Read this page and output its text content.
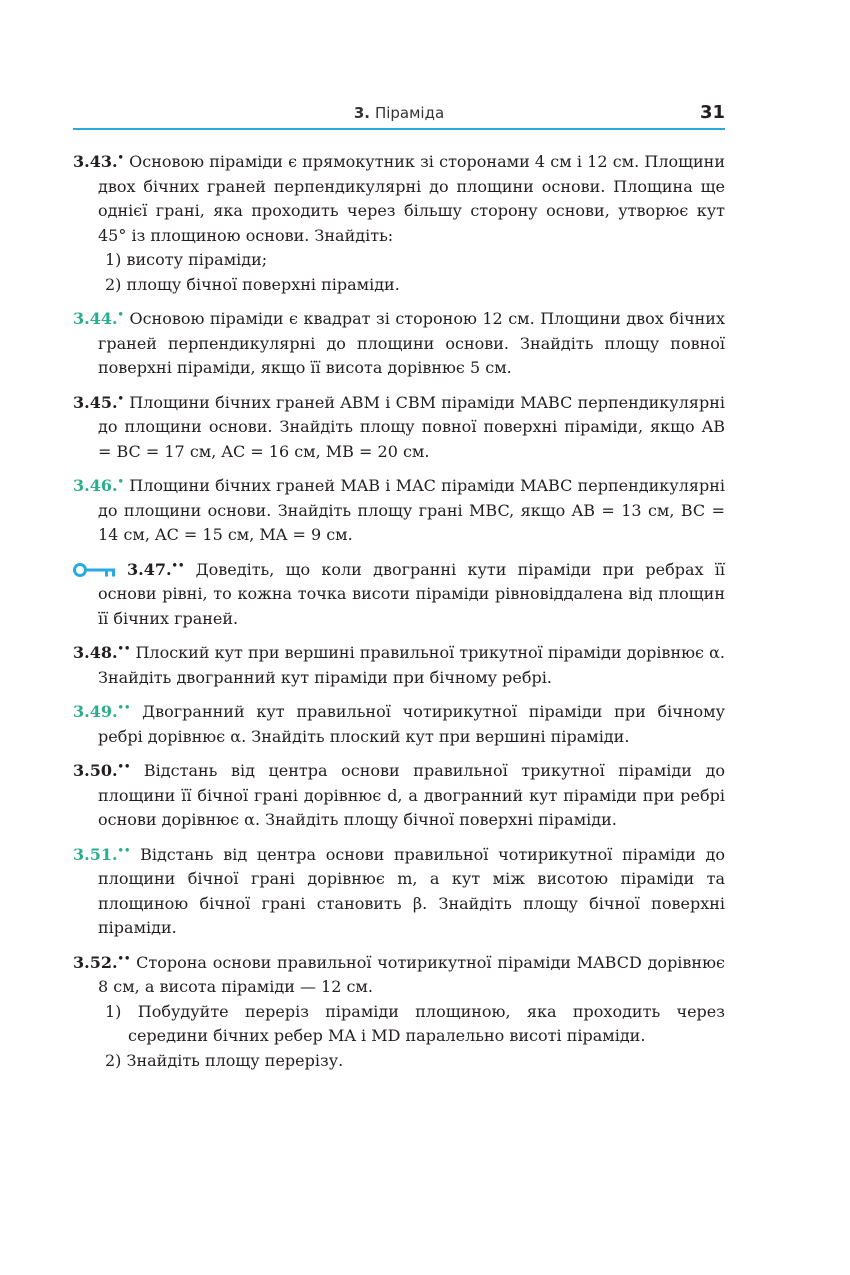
3. Піраміда	31
3.43.• Основою піраміди є прямокутник зі сторонами 4 см і 12 см. Площини двох бічних граней перпендикулярні до площини основи. Площина ще однієї грані, яка проходить через більшу сторону основи, утворює кут 45° із площиною основи. Знайдіть:
1) висоту піраміди;
2) площу бічної поверхні піраміди.
3.44.• Основою піраміди є квадрат зі стороною 12 см. Площини двох бічних граней перпендикулярні до площини основи. Знайдіть площу повної поверхні піраміди, якщо її висота дорівнює 5 см.
3.45.• Площини бічних граней ABM і CBM піраміди MABC перпендикулярні до площини основи. Знайдіть площу повної поверхні піраміди, якщо AB = BC = 17 см, AC = 16 см, MB = 20 см.
3.46.• Площини бічних граней MAB і MAC піраміди MABC перпендикулярні до площини основи. Знайдіть площу грані MBC, якщо AB = 13 см, BC = 14 см, AC = 15 см, MA = 9 см.
3.47.•• Доведіть, що коли двогранні кути піраміди при ребрах її основи рівні, то кожна точка висоти піраміди рівновіддалена від площин її бічних граней.
3.48.•• Плоский кут при вершині правильної трикутної піраміди дорівнює α. Знайдіть двогранний кут піраміди при бічному ребрі.
3.49.•• Двогранний кут правильної чотирикутної піраміди при бічному ребрі дорівнює α. Знайдіть плоский кут при вершині піраміди.
3.50.•• Відстань від центра основи правильної трикутної піраміди до площини її бічної грані дорівнює d, а двогранний кут піраміди при ребрі основи дорівнює α. Знайдіть площу бічної поверхні піраміди.
3.51.•• Відстань від центра основи правильної чотирикутної піраміди до площини бічної грані дорівнює m, а кут між висотою піраміди та площиною бічної грані становить β. Знайдіть площу бічної поверхні піраміди.
3.52.•• Сторона основи правильної чотирикутної піраміди MABCD дорівнює 8 см, а висота піраміди — 12 см.
1) Побудуйте переріз піраміди площиною, яка проходить через середини бічних ребер MA і MD паралельно висоті піраміди.
2) Знайдіть площу перерізу.
